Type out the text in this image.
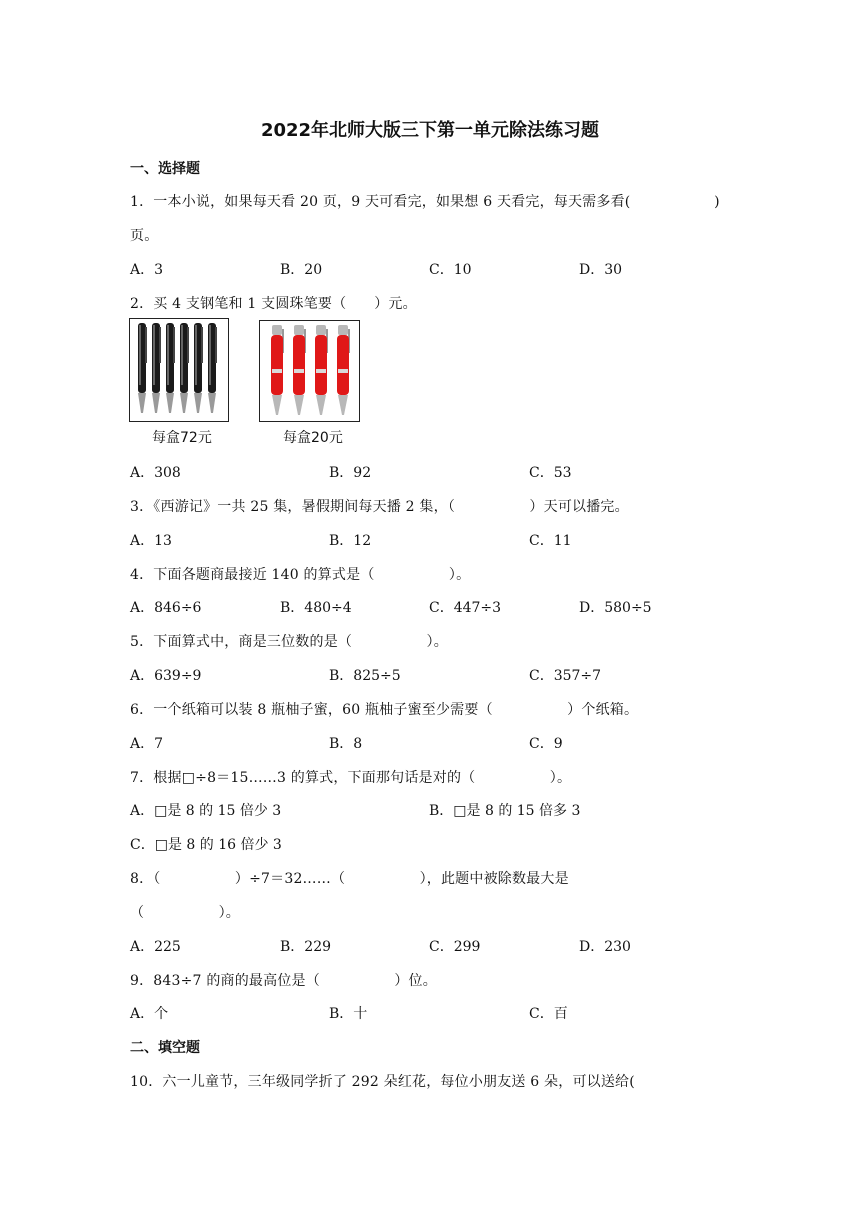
2022年北师大版三下第一单元除法练习题
一、选择题
1．一本小说，如果每天看 20 页，9 天可看完，如果想 6 天看完，每天需多看(                  )
页。
A．3	B．20	C．10	D．30
2．买 4 支钢笔和 1 支圆珠笔要（      ）元。
每盒72元	每盒20元
A．308	B．92	C．53
3．《西游记》一共 25 集，暑假期间每天播 2 集，（                ）天可以播完。
A．13	B．12	C．11
4．下面各题商最接近 140 的算式是（                ）。
A．846÷6	B．480÷4	C．447÷3	D．580÷5
5．下面算式中，商是三位数的是（                ）。
A．639÷9	B．825÷5	C．357÷7
6．一个纸箱可以装 8 瓶柚子蜜，60 瓶柚子蜜至少需要（                ）个纸箱。
A．7	B．8	C．9
7．根据□÷8＝15……3 的算式，下面那句话是对的（                ）。
A．□是 8 的 15 倍少 3	B．□是 8 的 15 倍多 3
C．□是 8 的 16 倍少 3
8．（                ）÷7＝32……（                ），此题中被除数最大是
（                ）。
A．225	B．229	C．299	D．230
9．843÷7 的商的最高位是（                ）位。
A．个	B．十	C．百
二、填空题
10．六一儿童节，三年级同学折了 292 朵红花，每位小朋友送 6 朵，可以送给(
